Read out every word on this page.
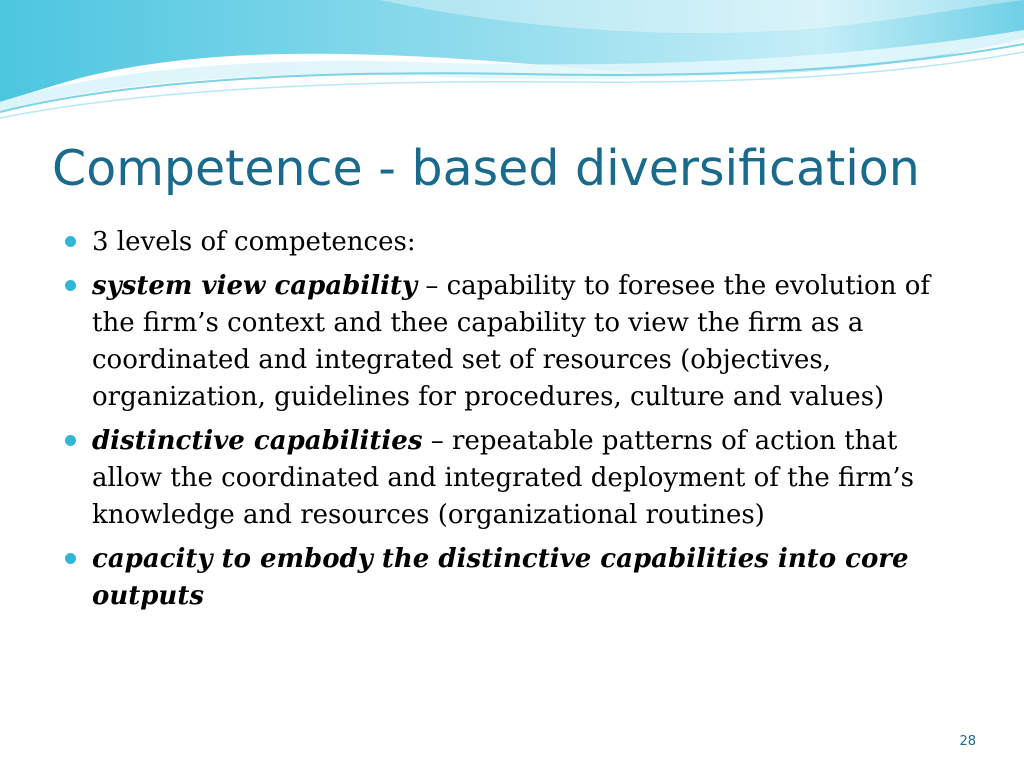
Competence - based diversification
3 levels of competences:
system view capability – capability to foresee the evolution of the firm’s context and thee capability to view the firm as a coordinated and integrated set of resources (objectives, organization, guidelines for procedures, culture and values)
distinctive capabilities – repeatable patterns of action that allow the coordinated and integrated deployment of the firm’s knowledge and resources (organizational routines)
capacity to embody the distinctive capabilities into core outputs
28
